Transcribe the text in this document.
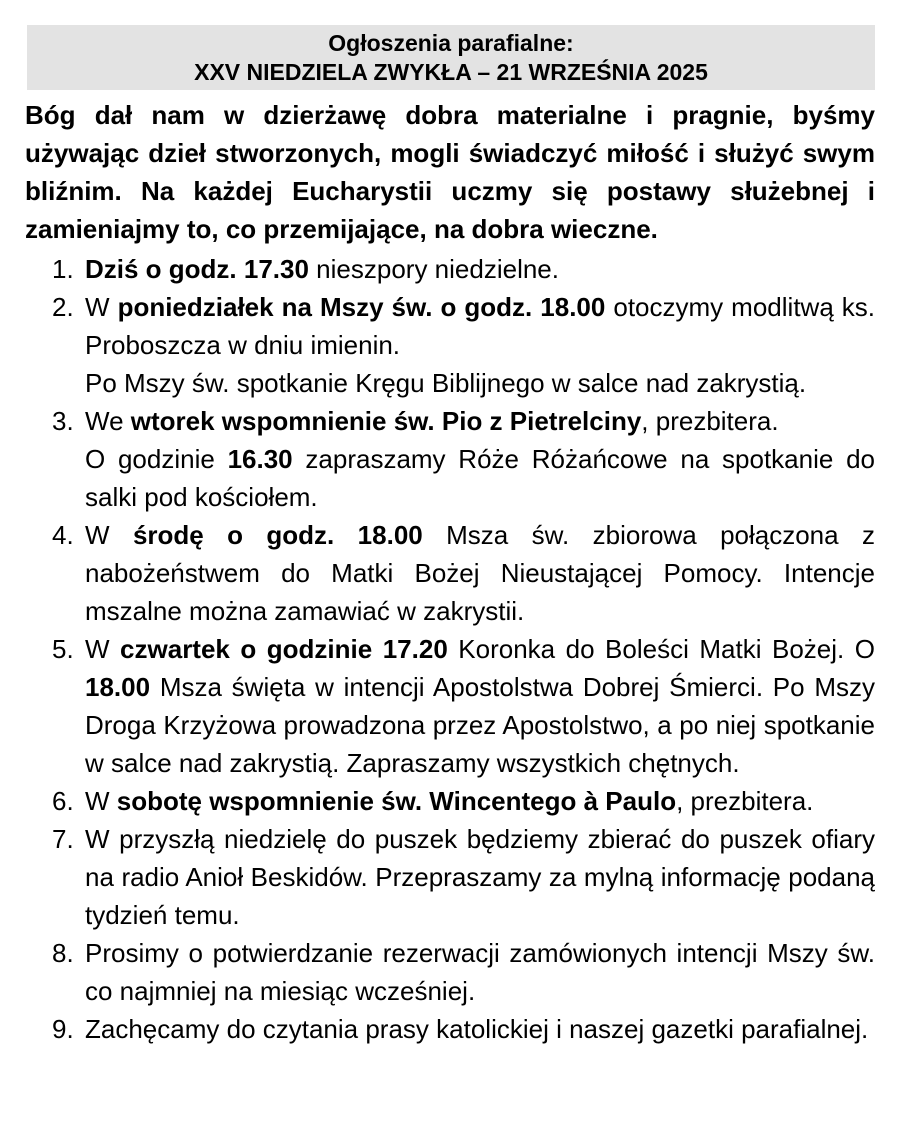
Ogłoszenia parafialne:
XXV NIEDZIELA ZWYKŁA – 21 WRZEŚNIA 2025

Bóg dał nam w dzierżawę dobra materialne i pragnie, byśmy używając dzieł stworzonych, mogli świadczyć miłość i służyć swym bliźnim. Na każdej Eucharystii uczmy się postawy służebnej i zamieniajmy to, co przemijające, na dobra wieczne.

1. Dziś o godz. 17.30 nieszpory niedzielne.

2. W poniedziałek na Mszy św. o godz. 18.00 otoczymy modlitwą ks. Proboszcza w dniu imienin.

Po Mszy św. spotkanie Kręgu Biblijnego w salce nad zakrystią.

3. We wtorek wspomnienie św. Pio z Pietrelciny, prezbitera.

O godzinie 16.30 zapraszamy Róże Różańcowe na spotkanie do salki pod kościołem.

4. W środę o godz. 18.00 Msza św. zbiorowa połączona z nabożeństwem do Matki Bożej Nieustającej Pomocy. Intencje mszalne można zamawiać w zakrystii.

5. W czwartek o godzinie 17.20 Koronka do Boleści Matki Bożej. O 18.00 Msza święta w intencji Apostolstwa Dobrej Śmierci. Po Mszy Droga Krzyżowa prowadzona przez Apostolstwo, a po niej spotkanie w salce nad zakrystią. Zapraszamy wszystkich chętnych.

6. W sobotę wspomnienie św. Wincentego à Paulo, prezbitera.

7. W przyszłą niedzielę do puszek będziemy zbierać do puszek ofiary na radio Anioł Beskidów. Przepraszamy za mylną informację podaną tydzień temu.

8. Prosimy o potwierdzanie rezerwacji zamówionych intencji Mszy św. co najmniej na miesiąc wcześniej.

9. Zachęcamy do czytania prasy katolickiej i naszej gazetki parafialnej.
